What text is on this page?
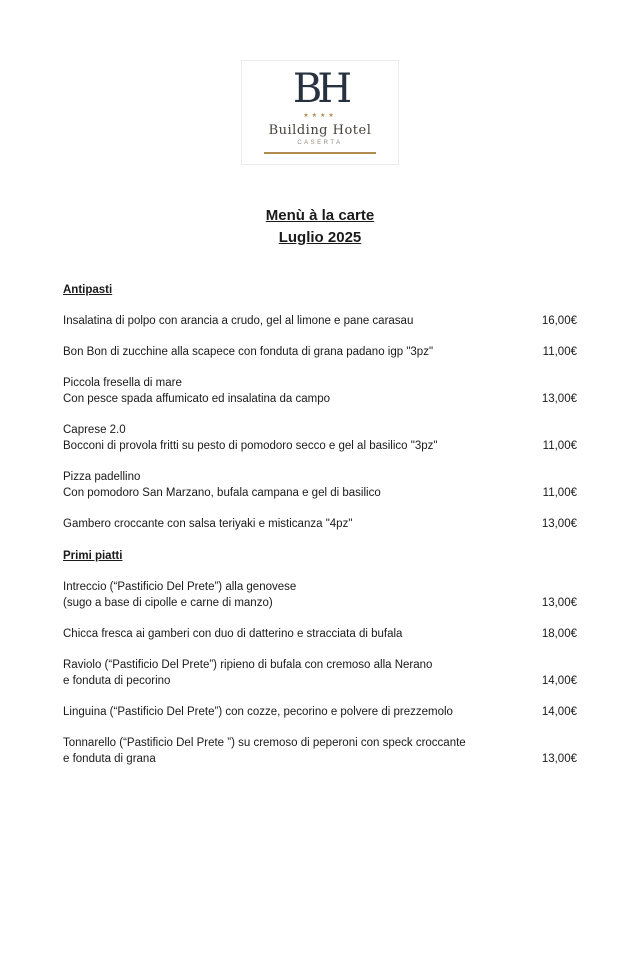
BH
★★★★
Building Hotel
CASERTA
Menù à la carte
Luglio 2025
Antipasti
Insalatina di polpo con arancia a crudo, gel al limone e pane carasau	16,00€
Bon Bon di zucchine alla scapece con fonduta di grana padano igp "3pz"	11,00€
Piccola fresella di mare
Con pesce spada affumicato ed insalatina da campo	13,00€
Caprese 2.0
Bocconi di provola fritti su pesto di pomodoro secco e gel al basilico "3pz"	11,00€
Pizza padellino
Con pomodoro San Marzano, bufala campana e gel di basilico	11,00€
Gambero croccante con salsa teriyaki e misticanza "4pz"	13,00€
Primi piatti
Intreccio (“Pastificio Del Prete”) alla genovese
(sugo a base di cipolle e carne di manzo)	13,00€
Chicca fresca ai gamberi con duo di datterino e stracciata di bufala	18,00€
Raviolo (“Pastificio Del Prete”) ripieno di bufala con cremoso alla Nerano
e fonduta di pecorino	14,00€
Linguina (“Pastificio Del Prete”) con cozze, pecorino e polvere di prezzemolo	14,00€
Tonnarello (“Pastificio Del Prete ”) su cremoso di peperoni con speck croccante
e fonduta di grana	13,00€
